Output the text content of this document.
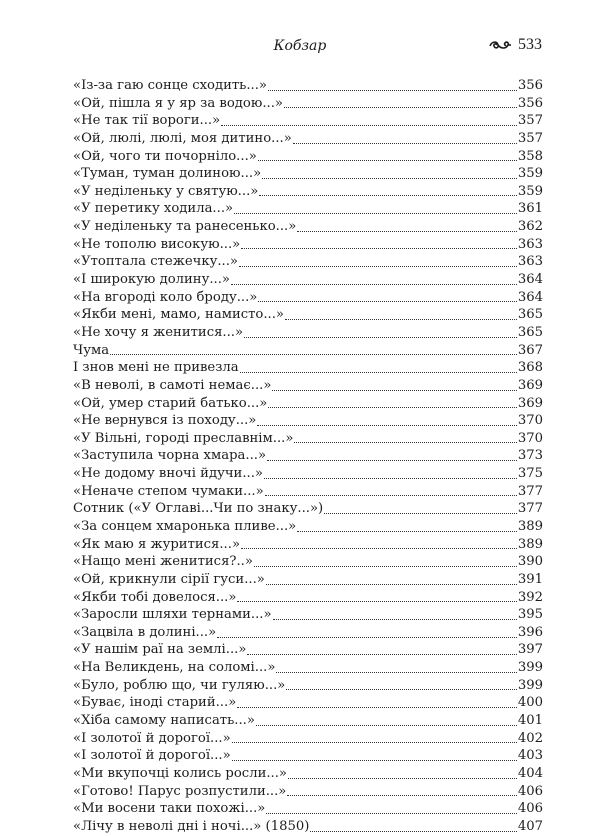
Кобзар	533
«Із-за гаю сонце сходить...»	356
«Ой, пішла я у яр за водою...»	356
«Не так тії вороги...»	357
«Ой, люлі, люлі, моя дитино...»	357
«Ой, чого ти почорніло...»	358
«Туман, туман долиною...»	359
«У неділеньку у святую...»	359
«У перетику ходила...»	361
«У неділеньку та ранесенько...»	362
«Не тополю високую...»	363
«Утоптала стежечку...»	363
«І широкую долину...»	364
«На вгороді коло броду...»	364
«Якби мені, мамо, намисто...»	365
«Не хочу я женитися...»	365
Чума	367
І знов мені не привезла	368
«В неволі, в самоті немає...»	369
«Ой, умер старий батько...»	369
«Не вернувся із походу...»	370
«У Вільні, городі преславнім...»	370
«Заступила чорна хмара...»	373
«Не додому вночі йдучи...»	375
«Неначе степом чумаки...»	377
Сотник («У Оглаві...Чи по знаку...»)	377
«За сонцем хмаронька пливе...»	389
«Як маю я журитися...»	389
«Нащо мені женитися?..»	390
«Ой, крикнули сірії гуси...»	391
«Якби тобі довелося...»	392
«Заросли шляхи тернами...»	395
«Зацвіла в долині...»	396
«У нашім раї на землі...»	397
«На Великдень, на соломі...»	399
«Було, роблю що, чи гуляю...»	399
«Буває, іноді старий...»	400
«Хіба самому написать...»	401
«І золотої й дорогої...»	402
«І золотої й дорогої...»	403
«Ми вкупочці колись росли...»	404
«Готово! Парус розпустили...»	406
«Ми восени таки похожі...»	406
«Лічу в неволі дні і ночі...» (1850)	407
